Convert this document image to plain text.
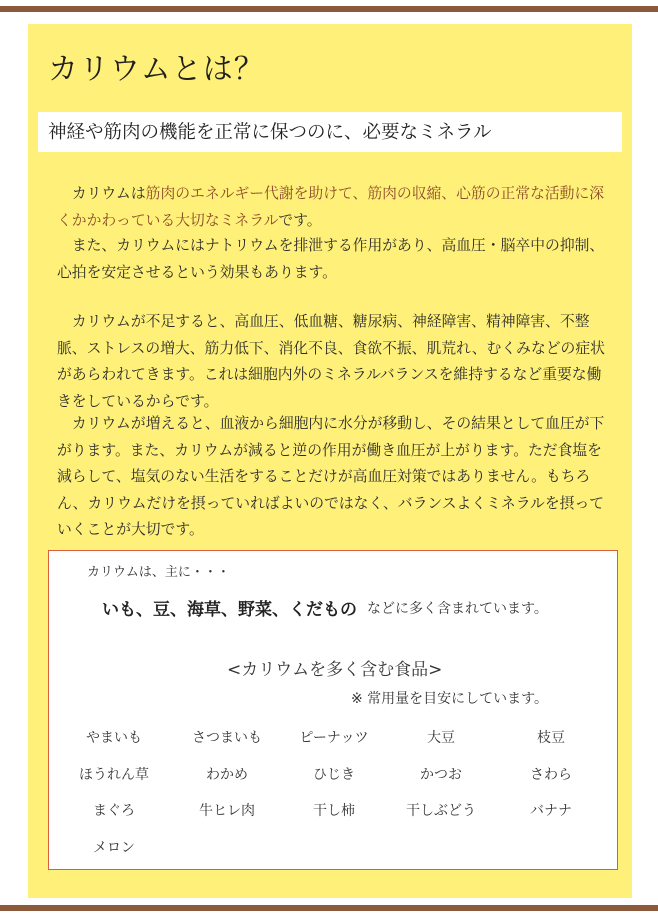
カリウムとは？
神経や筋肉の機能を正常に保つのに、必要なミネラル

　カリウムは筋肉のエネルギー代謝を助けて、筋肉の収縮、心筋の正常な活動に深くかかわっている大切なミネラルです。

　また、カリウムにはナトリウムを排泄する作用があり、高血圧・脳卒中の抑制、心拍を安定させるという効果もあります。

　カリウムが不足すると、高血圧、低血糖、糖尿病、神経障害、精神障害、不整脈、ストレスの増大、筋力低下、消化不良、食欲不振、肌荒れ、むくみなどの症状があらわれてきます。これは細胞内外のミネラルバランスを維持するなど重要な働きをしているからです。

　カリウムが増えると、血液から細胞内に水分が移動し、その結果として血圧が下がります。また、カリウムが減ると逆の作用が働き血圧が上がります。ただ食塩を減らして、塩気のない生活をすることだけが高血圧対策ではありません。もちろん、カリウムだけを摂っていればよいのではなく、バランスよくミネラルを摂っていくことが大切です。

カリウムは、主に・・・
いも、豆、海草、野菜、くだもの などに多く含まれています。
<カリウムを多く含む食品>
※ 常用量を目安にしています。
やまいも	さつまいも	ピーナッツ	大豆	枝豆
ほうれん草	わかめ	ひじき	かつお	さわら
まぐろ	牛ヒレ肉	干し柿	干しぶどう	バナナ
メロン
